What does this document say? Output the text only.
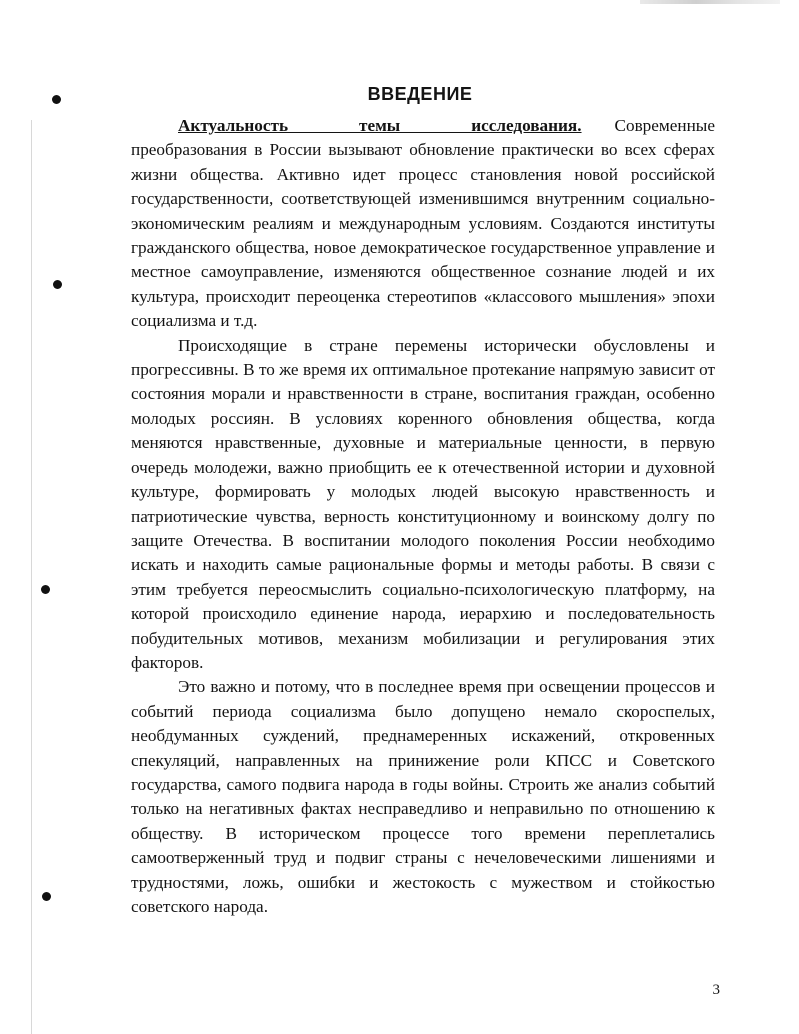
ВВЕДЕНИЕ

Актуальность темы исследования. Современные преобразования в России вызывают обновление практически во всех сферах жизни общества. Активно идет процесс становления новой российской государственности, соответствующей изменившимся внутренним социально-экономическим реалиям и международным условиям. Создаются институты гражданского общества, новое демократическое государственное управление и местное самоуправление, изменяются общественное сознание людей и их культура, происходит переоценка стереотипов «классового мышления» эпохи социализма и т.д.

Происходящие в стране перемены исторически обусловлены и прогрессивны. В то же время их оптимальное протекание напрямую зависит от состояния морали и нравственности в стране, воспитания граждан, особенно молодых россиян. В условиях коренного обновления общества, когда меняются нравственные, духовные и материальные ценности, в первую очередь молодежи, важно приобщить ее к отечественной истории и духовной культуре, формировать у молодых людей высокую нравственность и патриотические чувства, верность конституционному и воинскому долгу по защите Отечества. В воспитании молодого поколения России необходимо искать и находить самые рациональные формы и методы работы. В связи с этим требуется переосмыслить социально-психологическую платформу, на которой происходило единение народа, иерархию и последовательность побудительных мотивов, механизм мобилизации и регулирования этих факторов.

Это важно и потому, что в последнее время при освещении процессов и событий периода социализма было допущено немало скороспелых, необдуманных суждений, преднамеренных искажений, откровенных спекуляций, направленных на принижение роли КПСС и Советского государства, самого подвига народа в годы войны. Строить же анализ событий только на негативных фактах несправедливо и неправильно по отношению к обществу. В историческом процессе того времени переплетались самоотверженный труд и подвиг страны с нечеловеческими лишениями и трудностями, ложь, ошибки и жестокость с мужеством и стойкостью советского народа.

3
